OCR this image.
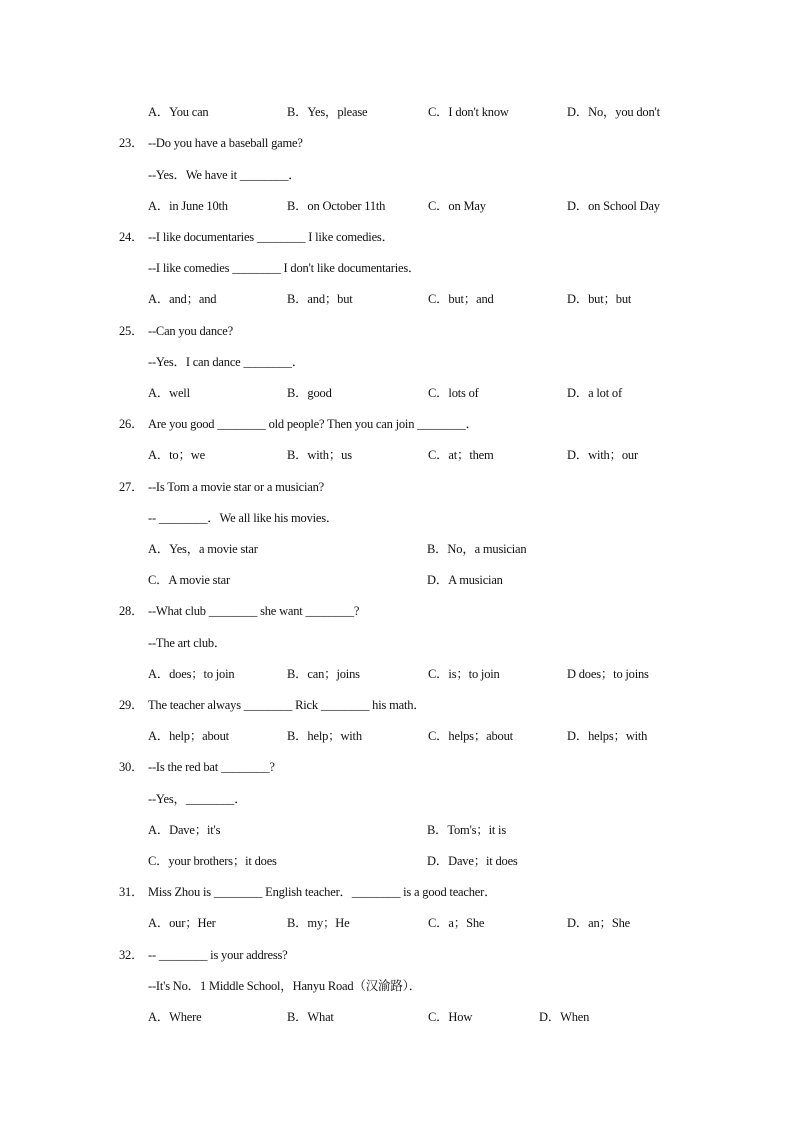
A．You can	B．Yes，please	C．I don't know	D．No，you don't
23． --Do you have a baseball game?
--Yes．We have it ________．
A．in June 10th	B．on October 11th	C．on May	D．on School Day
24． --I like documentaries ________ I like comedies．
--I like comedies ________ I don't like documentaries．
A．and；and	B．and；but	C．but；and	D．but；but
25． --Can you dance?
--Yes．I can dance ________．
A．well	B．good	C．lots of	D．a lot of
26． Are you good ________ old people? Then you can join ________．
A．to；we	B．with；us	C．at；them	D．with；our
27． --Is Tom a movie star or a musician?
-- ________．We all like his movies．
A．Yes，a movie star	B．No，a musician
C．A movie star	D．A musician
28． --What club ________ she want ________?
--The art club．
A．does；to join	B．can；joins	C．is；to join	D does；to joins
29． The teacher always ________ Rick ________ his math．
A．help；about	B．help；with	C．helps；about	D．helps；with
30． --Is the red bat ________?
--Yes，________．
A．Dave；it's	B．Tom's；it is
C．your brothers；it does	D．Dave；it does
31． Miss Zhou is ________ English teacher．________ is a good teacher．
A．our；Her	B．my；He	C．a；She	D．an；She
32． -- ________ is your address?
--It's No．1 Middle School，Hanyu Road（汉渝路）．
A．Where	B．What	C．How	D．When
